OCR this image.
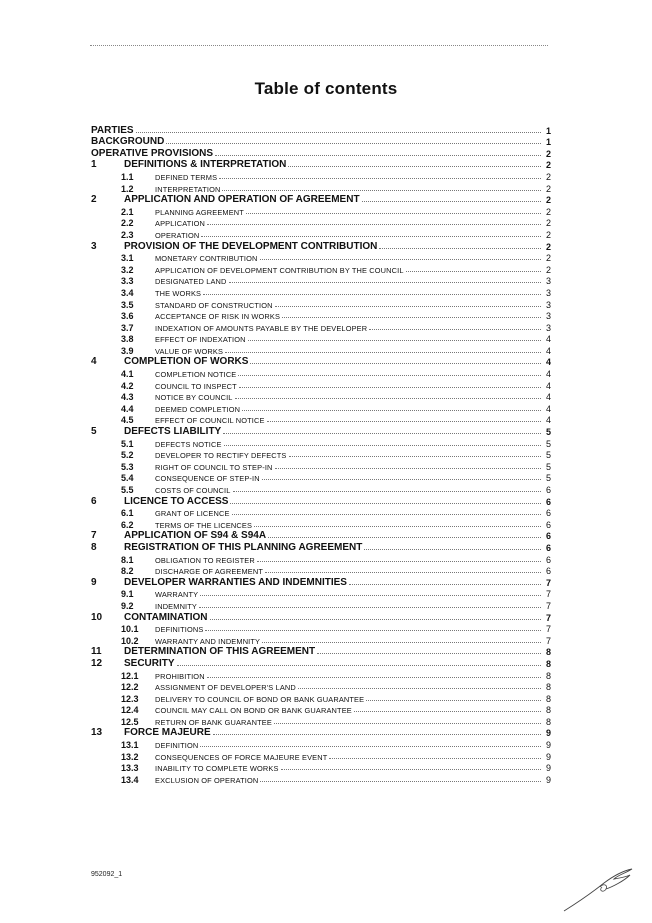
Table of contents
PARTIES	1
BACKGROUND	1
OPERATIVE PROVISIONS	2
1	DEFINITIONS & INTERPRETATION	2
1.1	DEFINED TERMS	2
1.2	INTERPRETATION	2
2	APPLICATION AND OPERATION OF AGREEMENT	2
2.1	PLANNING AGREEMENT	2
2.2	APPLICATION	2
2.3	OPERATION	2
3	PROVISION OF THE DEVELOPMENT CONTRIBUTION	2
3.1	MONETARY CONTRIBUTION	2
3.2	APPLICATION OF DEVELOPMENT CONTRIBUTION BY THE COUNCIL	2
3.3	DESIGNATED LAND	3
3.4	THE WORKS	3
3.5	STANDARD OF CONSTRUCTION	3
3.6	ACCEPTANCE OF RISK IN WORKS	3
3.7	INDEXATION OF AMOUNTS PAYABLE BY THE DEVELOPER	3
3.8	EFFECT OF INDEXATION	4
3.9	VALUE OF WORKS	4
4	COMPLETION OF WORKS	4
4.1	COMPLETION NOTICE	4
4.2	COUNCIL TO INSPECT	4
4.3	NOTICE BY COUNCIL	4
4.4	DEEMED COMPLETION	4
4.5	EFFECT OF COUNCIL NOTICE	4
5	DEFECTS LIABILITY	5
5.1	DEFECTS NOTICE	5
5.2	DEVELOPER TO RECTIFY DEFECTS	5
5.3	RIGHT OF COUNCIL TO STEP-IN	5
5.4	CONSEQUENCE OF STEP-IN	5
5.5	COSTS OF COUNCIL	6
6	LICENCE TO ACCESS	6
6.1	GRANT OF LICENCE	6
6.2	TERMS OF THE LICENCES	6
7	APPLICATION OF S94 & S94A	6
8	REGISTRATION OF THIS PLANNING AGREEMENT	6
8.1	OBLIGATION TO REGISTER	6
8.2	DISCHARGE OF AGREEMENT	6
9	DEVELOPER WARRANTIES AND INDEMNITIES	7
9.1	WARRANTY	7
9.2	INDEMNITY	7
10	CONTAMINATION	7
10.1	DEFINITIONS	7
10.2	WARRANTY AND INDEMNITY	7
11	DETERMINATION OF THIS AGREEMENT	8
12	SECURITY	8
12.1	PROHIBITION	8
12.2	ASSIGNMENT OF DEVELOPER'S LAND	8
12.3	DELIVERY TO COUNCIL OF BOND OR BANK GUARANTEE	8
12.4	COUNCIL MAY CALL ON BOND OR BANK GUARANTEE	8
12.5	RETURN OF BANK GUARANTEE	8
13	FORCE MAJEURE	9
13.1	DEFINITION	9
13.2	CONSEQUENCES OF FORCE MAJEURE EVENT	9
13.3	INABILITY TO COMPLETE WORKS	9
13.4	EXCLUSION OF OPERATION	9
952092_1
